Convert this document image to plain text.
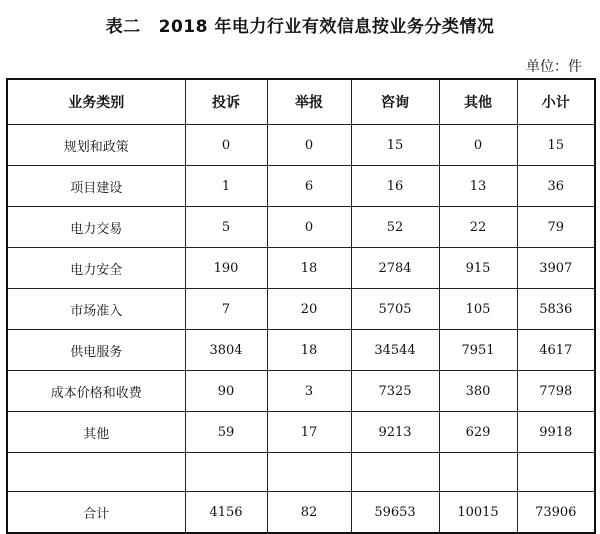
表二 2018 年电力行业有效信息按业务分类情况
单位：件
业务类别	投诉	举报	咨询	其他	小计
规划和政策	0	0	15	0	15
项目建设	1	6	16	13	36
电力交易	5	0	52	22	79
电力安全	190	18	2784	915	3907
市场准入	7	20	5705	105	5836
供电服务	3804	18	34544	7951	4617
成本价格和收费	90	3	7325	380	7798
其他	59	17	9213	629	9918

合计	4156	82	59653	10015	73906
